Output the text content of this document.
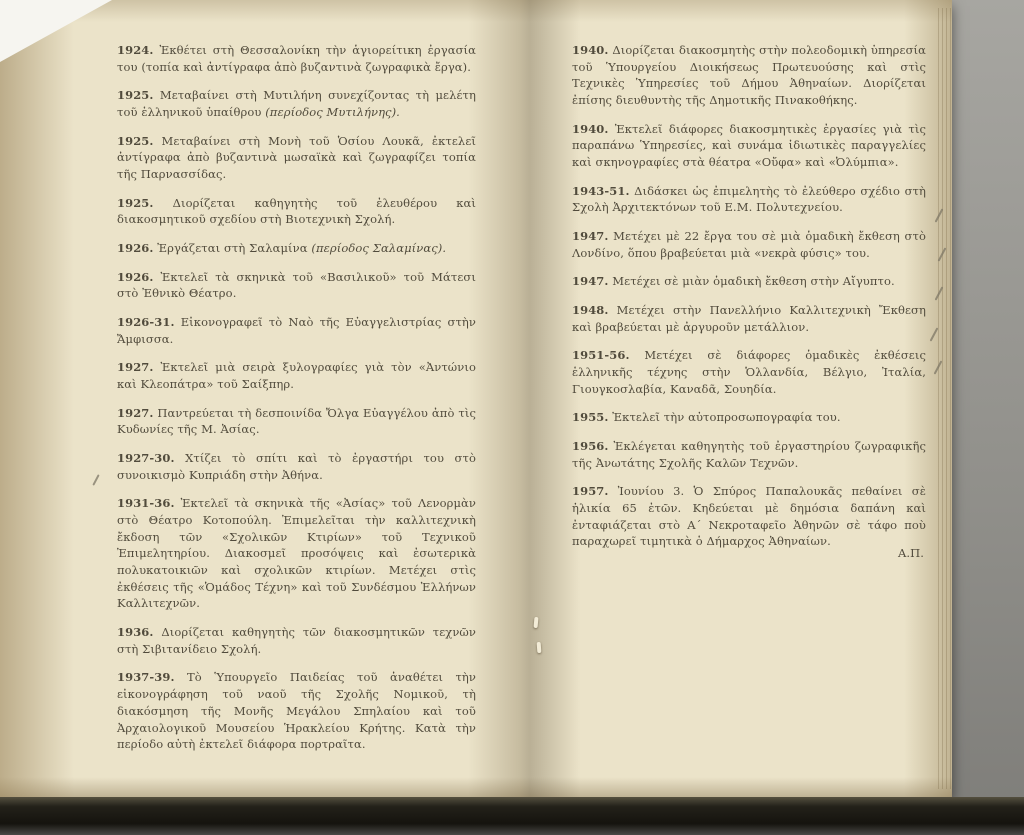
1924. Ἐκθέτει στὴ Θεσσαλονίκη τὴν ἁγιορείτικη ἐργασία του (τοπία καὶ ἀντίγραφα ἀπὸ βυζαντινὰ ζωγραφικὰ ἔργα).

1925. Μεταβαίνει στὴ Μυτιλήνη συνεχίζοντας τὴ μελέτη τοῦ ἑλληνικοῦ ὑπαίθρου (περίοδος Μυτιλήνης).

1925. Μεταβαίνει στὴ Μονὴ τοῦ Ὁσίου Λουκᾶ, ἐκτελεῖ ἀντίγραφα ἀπὸ βυζαντινὰ μωσαϊκὰ καὶ ζωγραφίζει τοπία τῆς Παρνασσίδας.

1925. Διορίζεται καθηγητὴς τοῦ ἐλευθέρου καὶ διακοσμητικοῦ σχεδίου στὴ Βιοτεχνικὴ Σχολή.

1926. Ἐργάζεται στὴ Σαλαμίνα (περίοδος Σαλαμίνας).

1926. Ἐκτελεῖ τὰ σκηνικὰ τοῦ «Βασιλικοῦ» τοῦ Μάτεσι στὸ Ἐθνικὸ Θέατρο.

1926-31. Εἰκονογραφεῖ τὸ Ναὸ τῆς Εὐαγγελιστρίας στὴν Ἄμφισσα.

1927. Ἐκτελεῖ μιὰ σειρὰ ξυλογραφίες γιὰ τὸν «Ἀντώνιο καὶ Κλεοπάτρα» τοῦ Σαίξπηρ.

1927. Παντρεύεται τὴ δεσποινίδα Ὄλγα Εὐαγγέλου ἀπὸ τὶς Κυδωνίες τῆς Μ. Ἀσίας.

1927-30. Χτίζει τὸ σπίτι καὶ τὸ ἐργαστήρι του στὸ συνοικισμὸ Κυπριάδη στὴν Ἀθήνα.

1931-36. Ἐκτελεῖ τὰ σκηνικὰ τῆς «Ἀσίας» τοῦ Λενορμὰν στὸ Θέατρο Κοτοπούλη. Ἐπιμελεῖται τὴν καλλιτεχνικὴ ἔκδοση τῶν «Σχολικῶν Κτιρίων» τοῦ Τεχνικοῦ Ἐπιμελητηρίου. Διακοσμεῖ προσόψεις καὶ ἐσωτερικὰ πολυκατοικιῶν καὶ σχολικῶν κτιρίων. Μετέχει στὶς ἐκθέσεις τῆς «Ὁμάδος Τέχνη» καὶ τοῦ Συνδέσμου Ἑλλήνων Καλλιτεχνῶν.

1936. Διορίζεται καθηγητὴς τῶν διακοσμητικῶν τεχνῶν στὴ Σιβιτανίδειο Σχολή.

1937-39. Τὸ Ὑπουργεῖο Παιδείας τοῦ ἀναθέτει τὴν εἰκονογράφηση τοῦ ναοῦ τῆς Σχολῆς Νομικοῦ, τὴ διακόσμηση τῆς Μονῆς Μεγάλου Σπηλαίου καὶ τοῦ Ἀρχαιολογικοῦ Μουσείου Ἡρακλείου Κρήτης. Κατὰ τὴν περίοδο αὐτὴ ἐκτελεῖ διάφορα πορτραῖτα.

1940. Διορίζεται διακοσμητὴς στὴν πολεοδομικὴ ὑπηρεσία τοῦ Ὑπουργείου Διοικήσεως Πρωτευούσης καὶ στὶς Τεχνικὲς Ὑπηρεσίες τοῦ Δήμου Ἀθηναίων. Διορίζεται ἐπίσης διευθυντὴς τῆς Δημοτικῆς Πινακοθήκης.

1940. Ἐκτελεῖ διάφορες διακοσμητικὲς ἐργασίες γιὰ τὶς παραπάνω Ὑπηρεσίες, καὶ συνάμα ἰδιωτικὲς παραγγελίες καὶ σκηνογραφίες στὰ θέατρα «Οὔφα» καὶ «Ὀλύμπια».

1943-51. Διδάσκει ὡς ἐπιμελητὴς τὸ ἐλεύθερο σχέδιο στὴ Σχολὴ Ἀρχιτεκτόνων τοῦ Ε.Μ. Πολυτεχνείου.

1947. Μετέχει μὲ 22 ἔργα του σὲ μιὰ ὁμαδικὴ ἔκθεση στὸ Λονδίνο, ὅπου βραβεύεται μιὰ «νεκρὰ φύσις» του.

1947. Μετέχει σὲ μιὰν ὁμαδικὴ ἔκθεση στὴν Αἴγυπτο.

1948. Μετέχει στὴν Πανελλήνιο Καλλιτεχνικὴ Ἔκθεση καὶ βραβεύεται μὲ ἀργυροῦν μετάλλιον.

1951-56. Μετέχει σὲ διάφορες ὁμαδικὲς ἐκθέσεις ἑλληνικῆς τέχνης στὴν Ὁλλανδία, Βέλγιο, Ἰταλία, Γιουγκοσλαβία, Καναδᾶ, Σουηδία.

1955. Ἐκτελεῖ τὴν αὐτοπροσωπογραφία του.

1956. Ἐκλέγεται καθηγητὴς τοῦ ἐργαστηρίου ζωγραφικῆς τῆς Ἀνωτάτης Σχολῆς Καλῶν Τεχνῶν.

1957. Ἰουνίου 3. Ὁ Σπύρος Παπαλουκᾶς πεθαίνει σὲ ἡλικία 65 ἐτῶν. Κηδεύεται μὲ δημόσια δαπάνη καὶ ἐνταφιάζεται στὸ Α΄ Νεκροταφεῖο Ἀθηνῶν σὲ τάφο ποὺ παραχωρεῖ τιμητικὰ ὁ Δήμαρχος Ἀθηναίων.

Α.Π.
